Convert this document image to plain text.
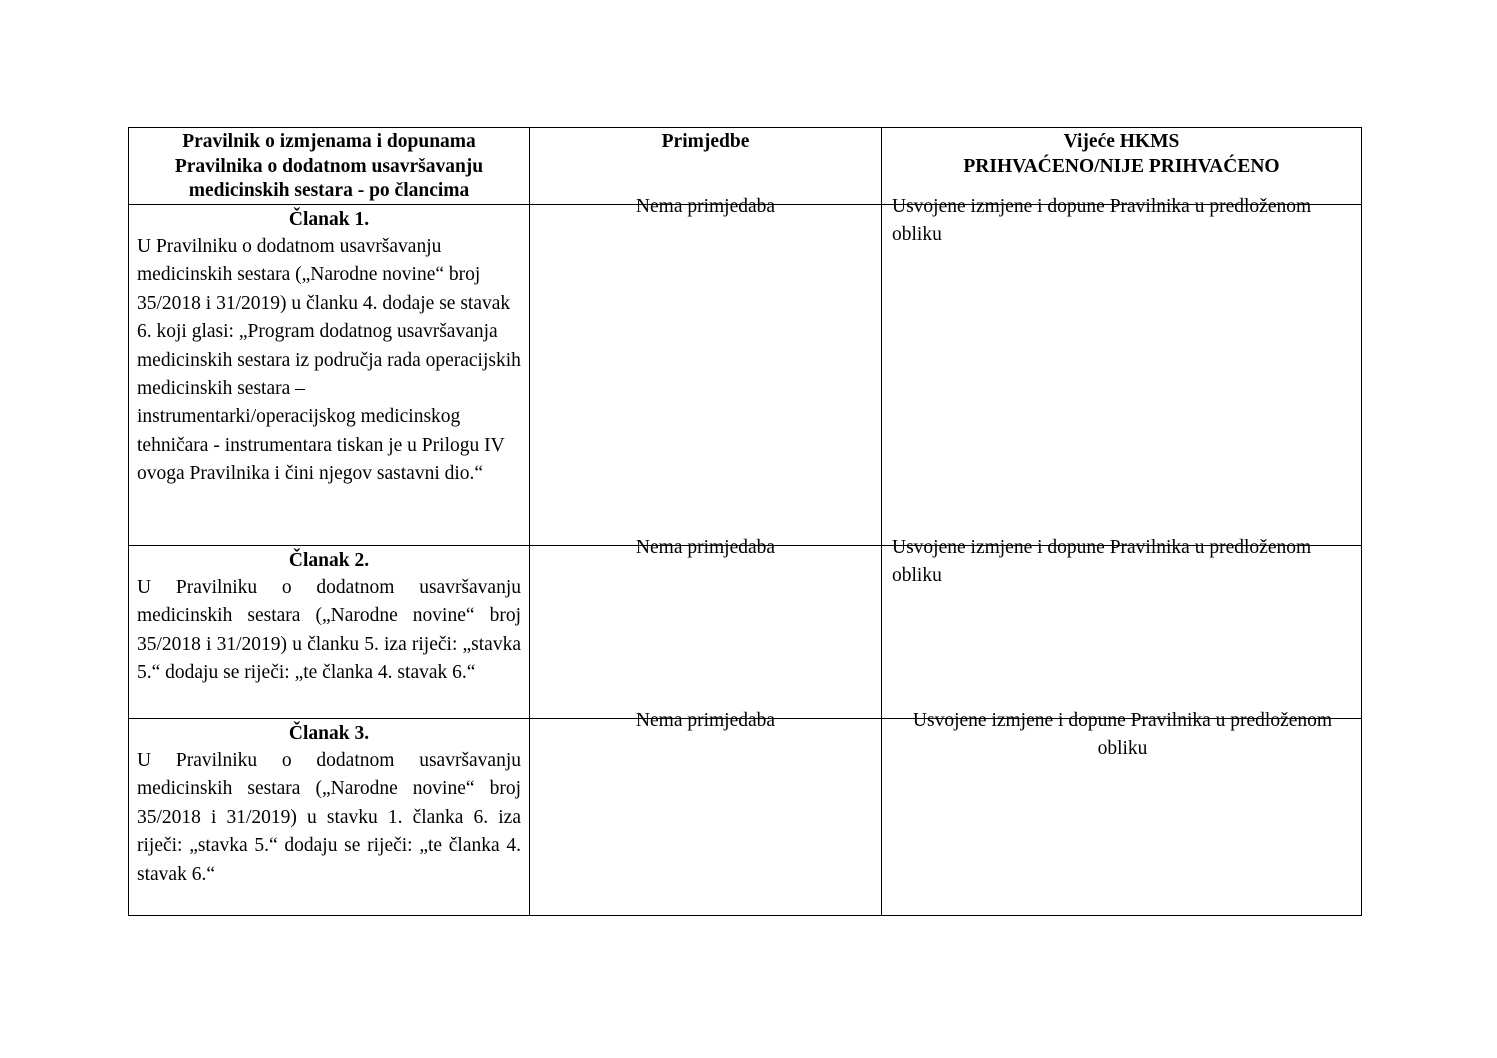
Pravilnik o izmjenama i dopunama
Pravilnika o dodatnom usavršavanju
medicinskih sestara - po člancima	Primjedbe	Vijeće HKMS
PRIHVAĆENO/NIJE PRIHVAĆENO

Članak 1.
U Pravilniku o dodatnom usavršavanju medicinskih sestara („Narodne novine“ broj 35/2018 i 31/2019) u članku 4. dodaje se stavak 6. koji glasi: „Program dodatnog usavršavanja medicinskih sestara iz područja rada operacijskih medicinskih sestara – instrumentarki/operacijskog medicinskog tehničara - instrumentara tiskan je u Prilogu IV ovoga Pravilnika i čini njegov sastavni dio.“	Nema primjedaba	Usvojene izmjene i dopune Pravilnika u predloženom obliku

Članak 2.
U Pravilniku o dodatnom usavršavanju medicinskih sestara („Narodne novine“ broj 35/2018 i 31/2019) u članku 5. iza riječi: „stavka 5.“ dodaju se riječi: „te članka 4. stavak 6.“	Nema primjedaba	Usvojene izmjene i dopune Pravilnika u predloženom obliku

Članak 3.
U Pravilniku o dodatnom usavršavanju medicinskih sestara („Narodne novine“ broj 35/2018 i 31/2019) u stavku 1. članka 6. iza riječi: „stavka 5.“ dodaju se riječi: „te članka 4. stavak 6.“	Nema primjedaba	Usvojene izmjene i dopune Pravilnika u predloženom obliku
